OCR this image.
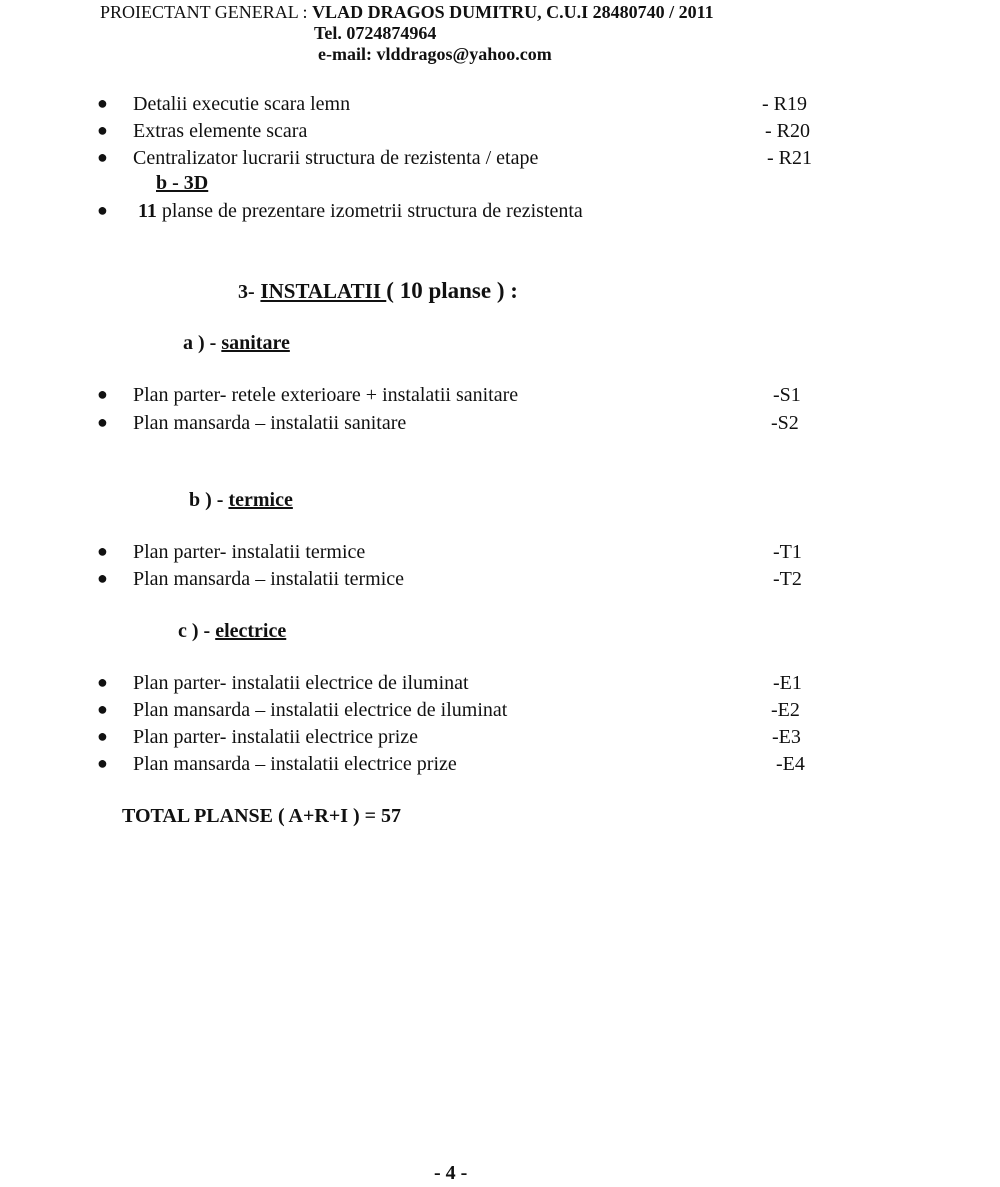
PROIECTANT GENERAL : VLAD DRAGOS DUMITRU, C.U.I 28480740 / 2011
Tel. 0724874964
e-mail: vlddragos@yahoo.com
● Detalii executie scara lemn	- R19
● Extras elemente scara	- R20
● Centralizator lucrarii structura de rezistenta / etape	- R21
b - 3D
● 11 planse de prezentare izometrii structura de rezistenta
3- INSTALATII ( 10 planse ) :
a ) - sanitare
● Plan parter- retele exterioare + instalatii sanitare	-S1
● Plan mansarda – instalatii sanitare	-S2
b ) - termice
● Plan parter- instalatii termice	-T1
● Plan mansarda – instalatii termice	-T2
c ) - electrice
● Plan parter- instalatii electrice de iluminat	-E1
● Plan mansarda – instalatii electrice de iluminat	-E2
● Plan parter- instalatii electrice prize	-E3
● Plan mansarda – instalatii electrice prize	-E4
TOTAL PLANSE ( A+R+I ) = 57
- 4 -
